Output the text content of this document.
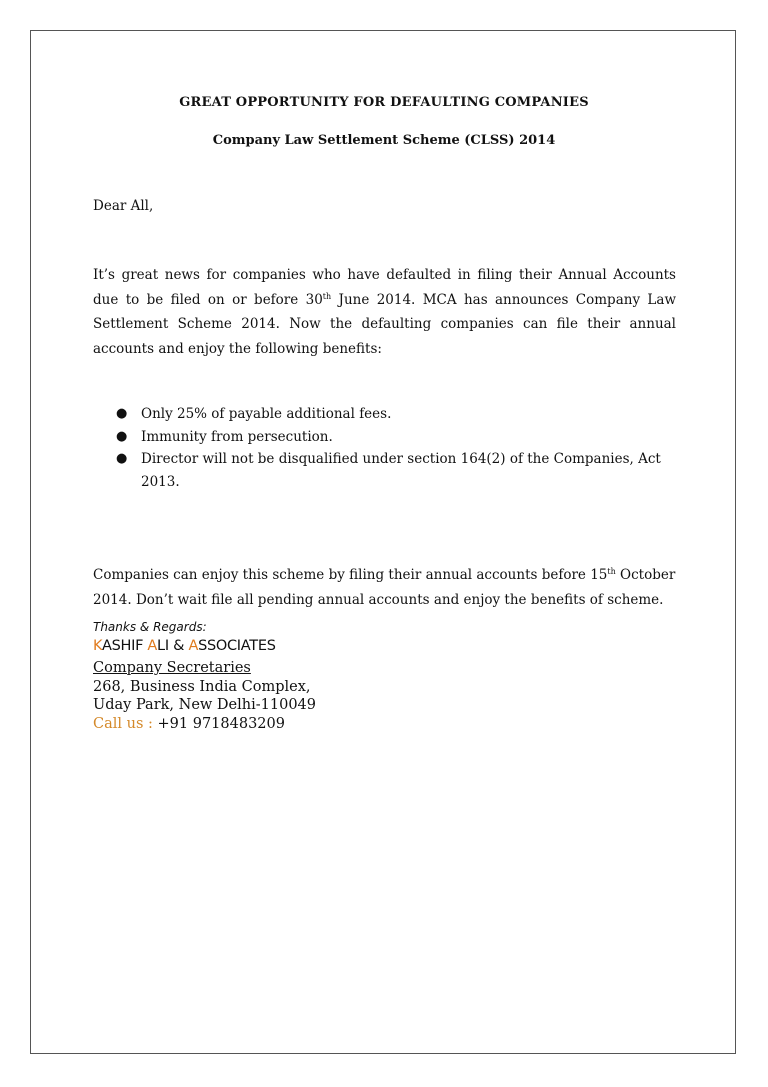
GREAT OPPORTUNITY FOR DEFAULTING COMPANIES
Company Law Settlement Scheme (CLSS) 2014
Dear All,
It’s great news for companies who have defaulted in filing their Annual Accounts due to be filed on or before 30th June 2014. MCA has announces Company Law Settlement Scheme 2014. Now the defaulting companies can file their annual accounts and enjoy the following benefits:
● Only 25% of payable additional fees.
● Immunity from persecution.
● Director will not be disqualified under section 164(2) of the Companies, Act 2013.
Companies can enjoy this scheme by filing their annual accounts before 15th October 2014. Don’t wait file all pending annual accounts and enjoy the benefits of scheme.
Thanks & Regards:
KASHIF ALI & ASSOCIATES
Company Secretaries
268, Business India Complex,
Uday Park, New Delhi-110049
Call us : +91 9718483209
